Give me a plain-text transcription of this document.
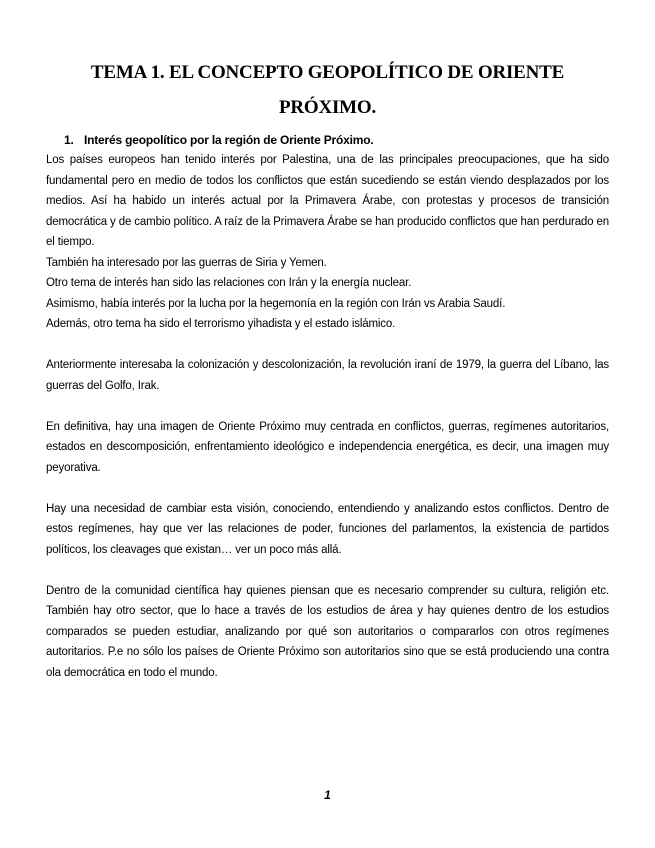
TEMA 1. EL CONCEPTO GEOPOLÍTICO DE ORIENTE
PRÓXIMO.
1. Interés geopolítico por la región de Oriente Próximo.

Los países europeos han tenido interés por Palestina, una de las principales preocupaciones, que ha sido fundamental pero en medio de todos los conflictos que están sucediendo se están viendo desplazados por los medios. Así ha habido un interés actual por la Primavera Árabe, con protestas y procesos de transición democrática y de cambio político. A raíz de la Primavera Árabe se han producido conflictos que han perdurado en el tiempo.

También ha interesado por las guerras de Siria y Yemen.

Otro tema de interés han sido las relaciones con Irán y la energía nuclear.

Asimismo, había interés por la lucha por la hegemonía en la región con Irán vs Arabia Saudí.

Además, otro tema ha sido el terrorismo yihadista y el estado islámico.

Anteriormente interesaba la colonización y descolonización, la revolución iraní de 1979, la guerra del Líbano, las guerras del Golfo, Irak.

En definitiva, hay una imagen de Oriente Próximo muy centrada en conflictos, guerras, regímenes autoritarios, estados en descomposición, enfrentamiento ideológico e independencia energética, es decir, una imagen muy peyorativa.

Hay una necesidad de cambiar esta visión, conociendo, entendiendo y analizando estos conflictos. Dentro de estos regímenes, hay que ver las relaciones de poder, funciones del parlamentos, la existencia de partidos políticos, los cleavages que existan… ver un poco más allá.

Dentro de la comunidad científica hay quienes piensan que es necesario comprender su cultura, religión etc. También hay otro sector, que lo hace a través de los estudios de área y hay quienes dentro de los estudios comparados se pueden estudiar, analizando por qué son autoritarios o compararlos con otros regímenes autoritarios. P.e no sólo los países de Oriente Próximo son autoritarios sino que se está produciendo una contra ola democrática en todo el mundo.

1
